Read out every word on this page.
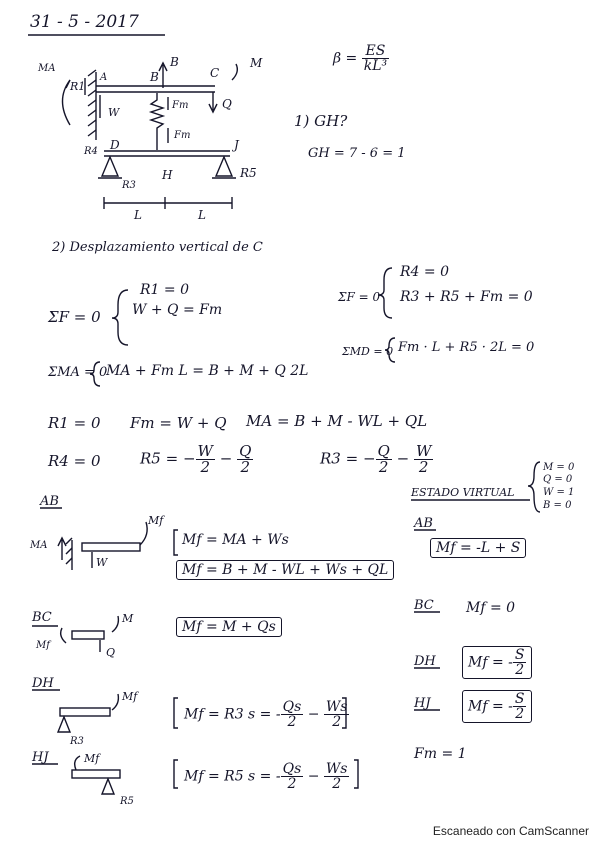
31 - 5 - 2017
$\beta = \frac{ES}{\text{kL³}}$
MA
R1
A	B
B
C
M
W
Q
Fm
Fm
R4 D	J
R3
H	R5
L	L
1) GH?
GH = 7 - 6 = 1
2) Desplazamiento vertical de C
ΣF = 0
R1 = 0
W + Q = Fm
ΣF = 0
R4 = 0
R3 + R5 + Fm = 0
ΣMA = 0
MA + Fm L = B + M + Q 2L
ΣMD = 0 Fm · L + R5 · 2L = 0
R1 = 0 Fm = W + Q MA = B + M - WL + QL
R4 = 0	R5 = − $\frac{W}{2} - \frac{Q}{2}$	R3 = − $\frac{Q}{2} - \frac{W}{2}$
ESTADO VIRTUAL
M = 0
Q = 0
W = 1
B = 0
AB
MA
W
Mf
Mf = MA + Ws
Mf = B + M - WL + Ws + QL
BC
Mf
M
Q
Mf = M + Qs
DH
Mf
R3
Mf = R3 s = - $\frac{Qs}{2} - \frac{Ws}{2}$
HJ	Mf
R5
Mf = R5 s = - $\frac{Qs}{2} - \frac{Ws}{2}$
AB
Mf = -L + S
BC Mf = 0
DH	Mf = - $\frac{S}{2}$
HJ	Mf = - $\frac{S}{2}$
Fm = 1
Escaneado con CamScanner
